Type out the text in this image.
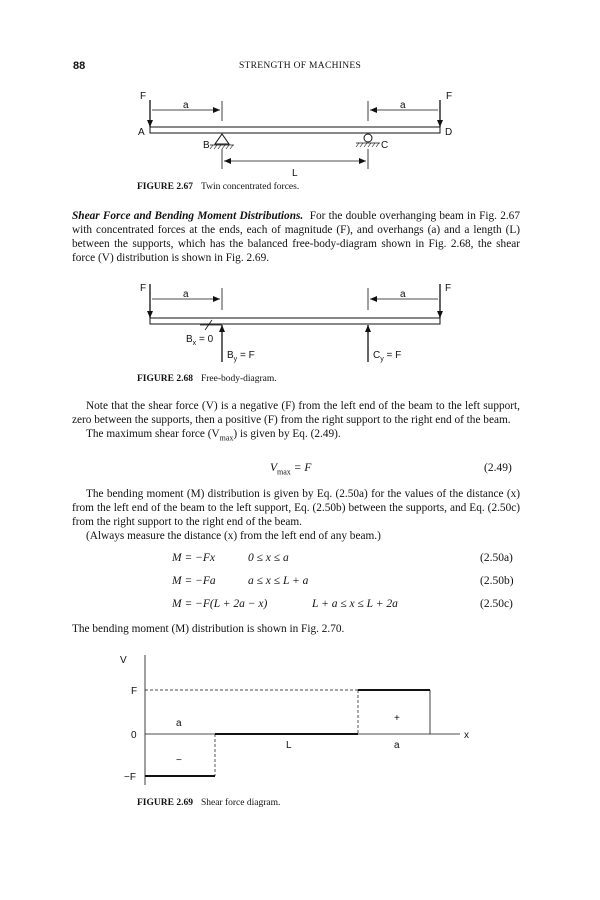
88	STRENGTH OF MACHINES
F	F
a	a
A	D
B	C
L
FIGURE 2.67 Twin concentrated forces.

Shear Force and Bending Moment Distributions. For the double overhanging beam in Fig. 2.67 with concentrated forces at the ends, each of magnitude (F), and overhangs (a) and a length (L) between the supports, which has the balanced free-body-diagram shown in Fig. 2.68, the shear force (V) distribution is shown in Fig. 2.69.

F	F
a	a
$B_x = 0$
$B_y = F$	$C_y = F$
FIGURE 2.68 Free-body-diagram.

Note that the shear force (V) is a negative (F) from the left end of the beam to the left support, zero between the supports, then a positive (F) from the right support to the right end of the beam.

The maximum shear force $(V_{max})$ is given by Eq. (2.49).

$V_{max} = F$	(2.49)

The bending moment (M) distribution is given by Eq. (2.50a) for the values of the distance (x) from the left end of the beam to the left support, Eq. (2.50b) between the supports, and Eq. (2.50c) from the right support to the right end of the beam.

(Always measure the distance (x) from the left end of any beam.)

M = −Fx	0 ≤ x ≤ a	(2.50a)
M = −Fa	a ≤ x ≤ L + a	(2.50b)
M = −F(L + 2a − x)	L + a ≤ x ≤ L + 2a	(2.50c)

The bending moment (M) distribution is shown in Fig. 2.70.

V
x
F
0
−F
a
−
L
+
a
FIGURE 2.69 Shear force diagram.
